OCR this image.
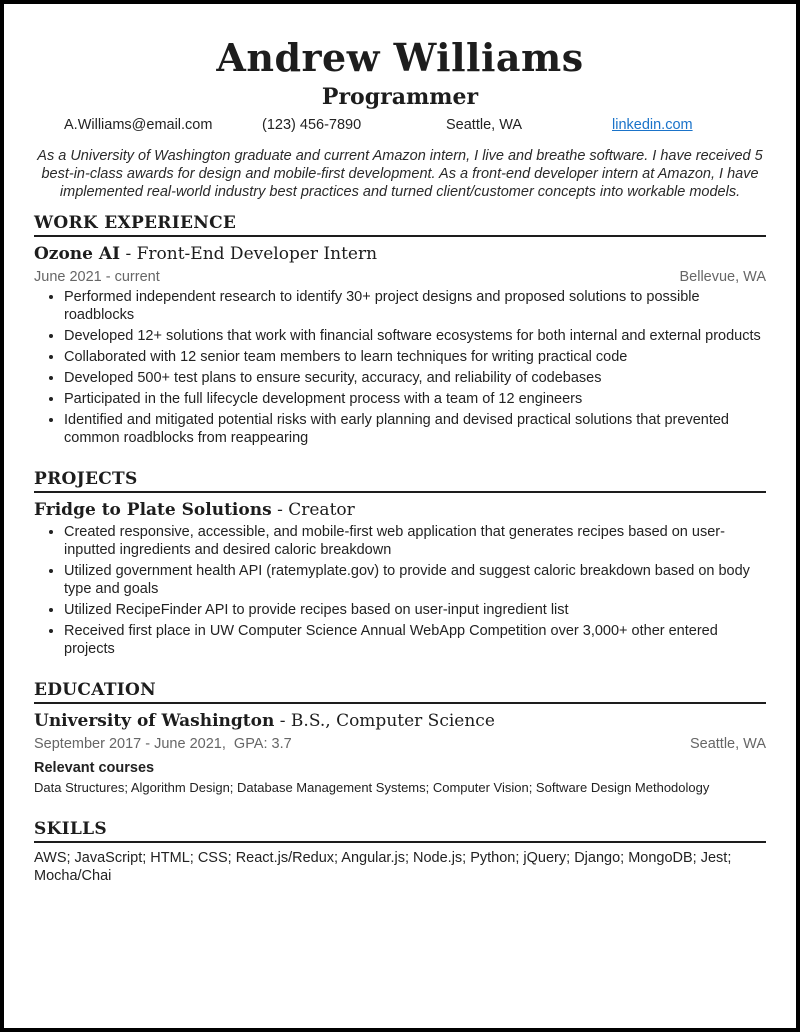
Andrew Williams
Programmer
A.Williams@email.com	(123) 456-7890	Seattle, WA	linkedin.com

As a University of Washington graduate and current Amazon intern, I live and breathe software. I have received 5 best-in-class awards for design and mobile-first development. As a front-end developer intern at Amazon, I have implemented real-world industry best practices and turned client/customer concepts into workable models.

WORK EXPERIENCE
Ozone AI - Front-End Developer Intern
June 2021 - current	Bellevue, WA
• Performed independent research to identify 30+ project designs and proposed solutions to possible roadblocks
• Developed 12+ solutions that work with financial software ecosystems for both internal and external products
• Collaborated with 12 senior team members to learn techniques for writing practical code
• Developed 500+ test plans to ensure security, accuracy, and reliability of codebases
• Participated in the full lifecycle development process with a team of 12 engineers
• Identified and mitigated potential risks with early planning and devised practical solutions that prevented common roadblocks from reappearing
PROJECTS
Fridge to Plate Solutions - Creator
• Created responsive, accessible, and mobile-first web application that generates recipes based on user-inputted ingredients and desired caloric breakdown
• Utilized government health API (ratemyplate.gov) to provide and suggest caloric breakdown based on body type and goals
• Utilized RecipeFinder API to provide recipes based on user-input ingredient list
• Received first place in UW Computer Science Annual WebApp Competition over 3,000+ other entered projects
EDUCATION
University of Washington - B.S., Computer Science
September 2017 - June 2021,  GPA: 3.7	Seattle, WA
Relevant courses

Data Structures; Algorithm Design; Database Management Systems; Computer Vision; Software Design Methodology

SKILLS

AWS; JavaScript; HTML; CSS; React.js/Redux; Angular.js; Node.js; Python; jQuery; Django; MongoDB; Jest; Mocha/Chai
